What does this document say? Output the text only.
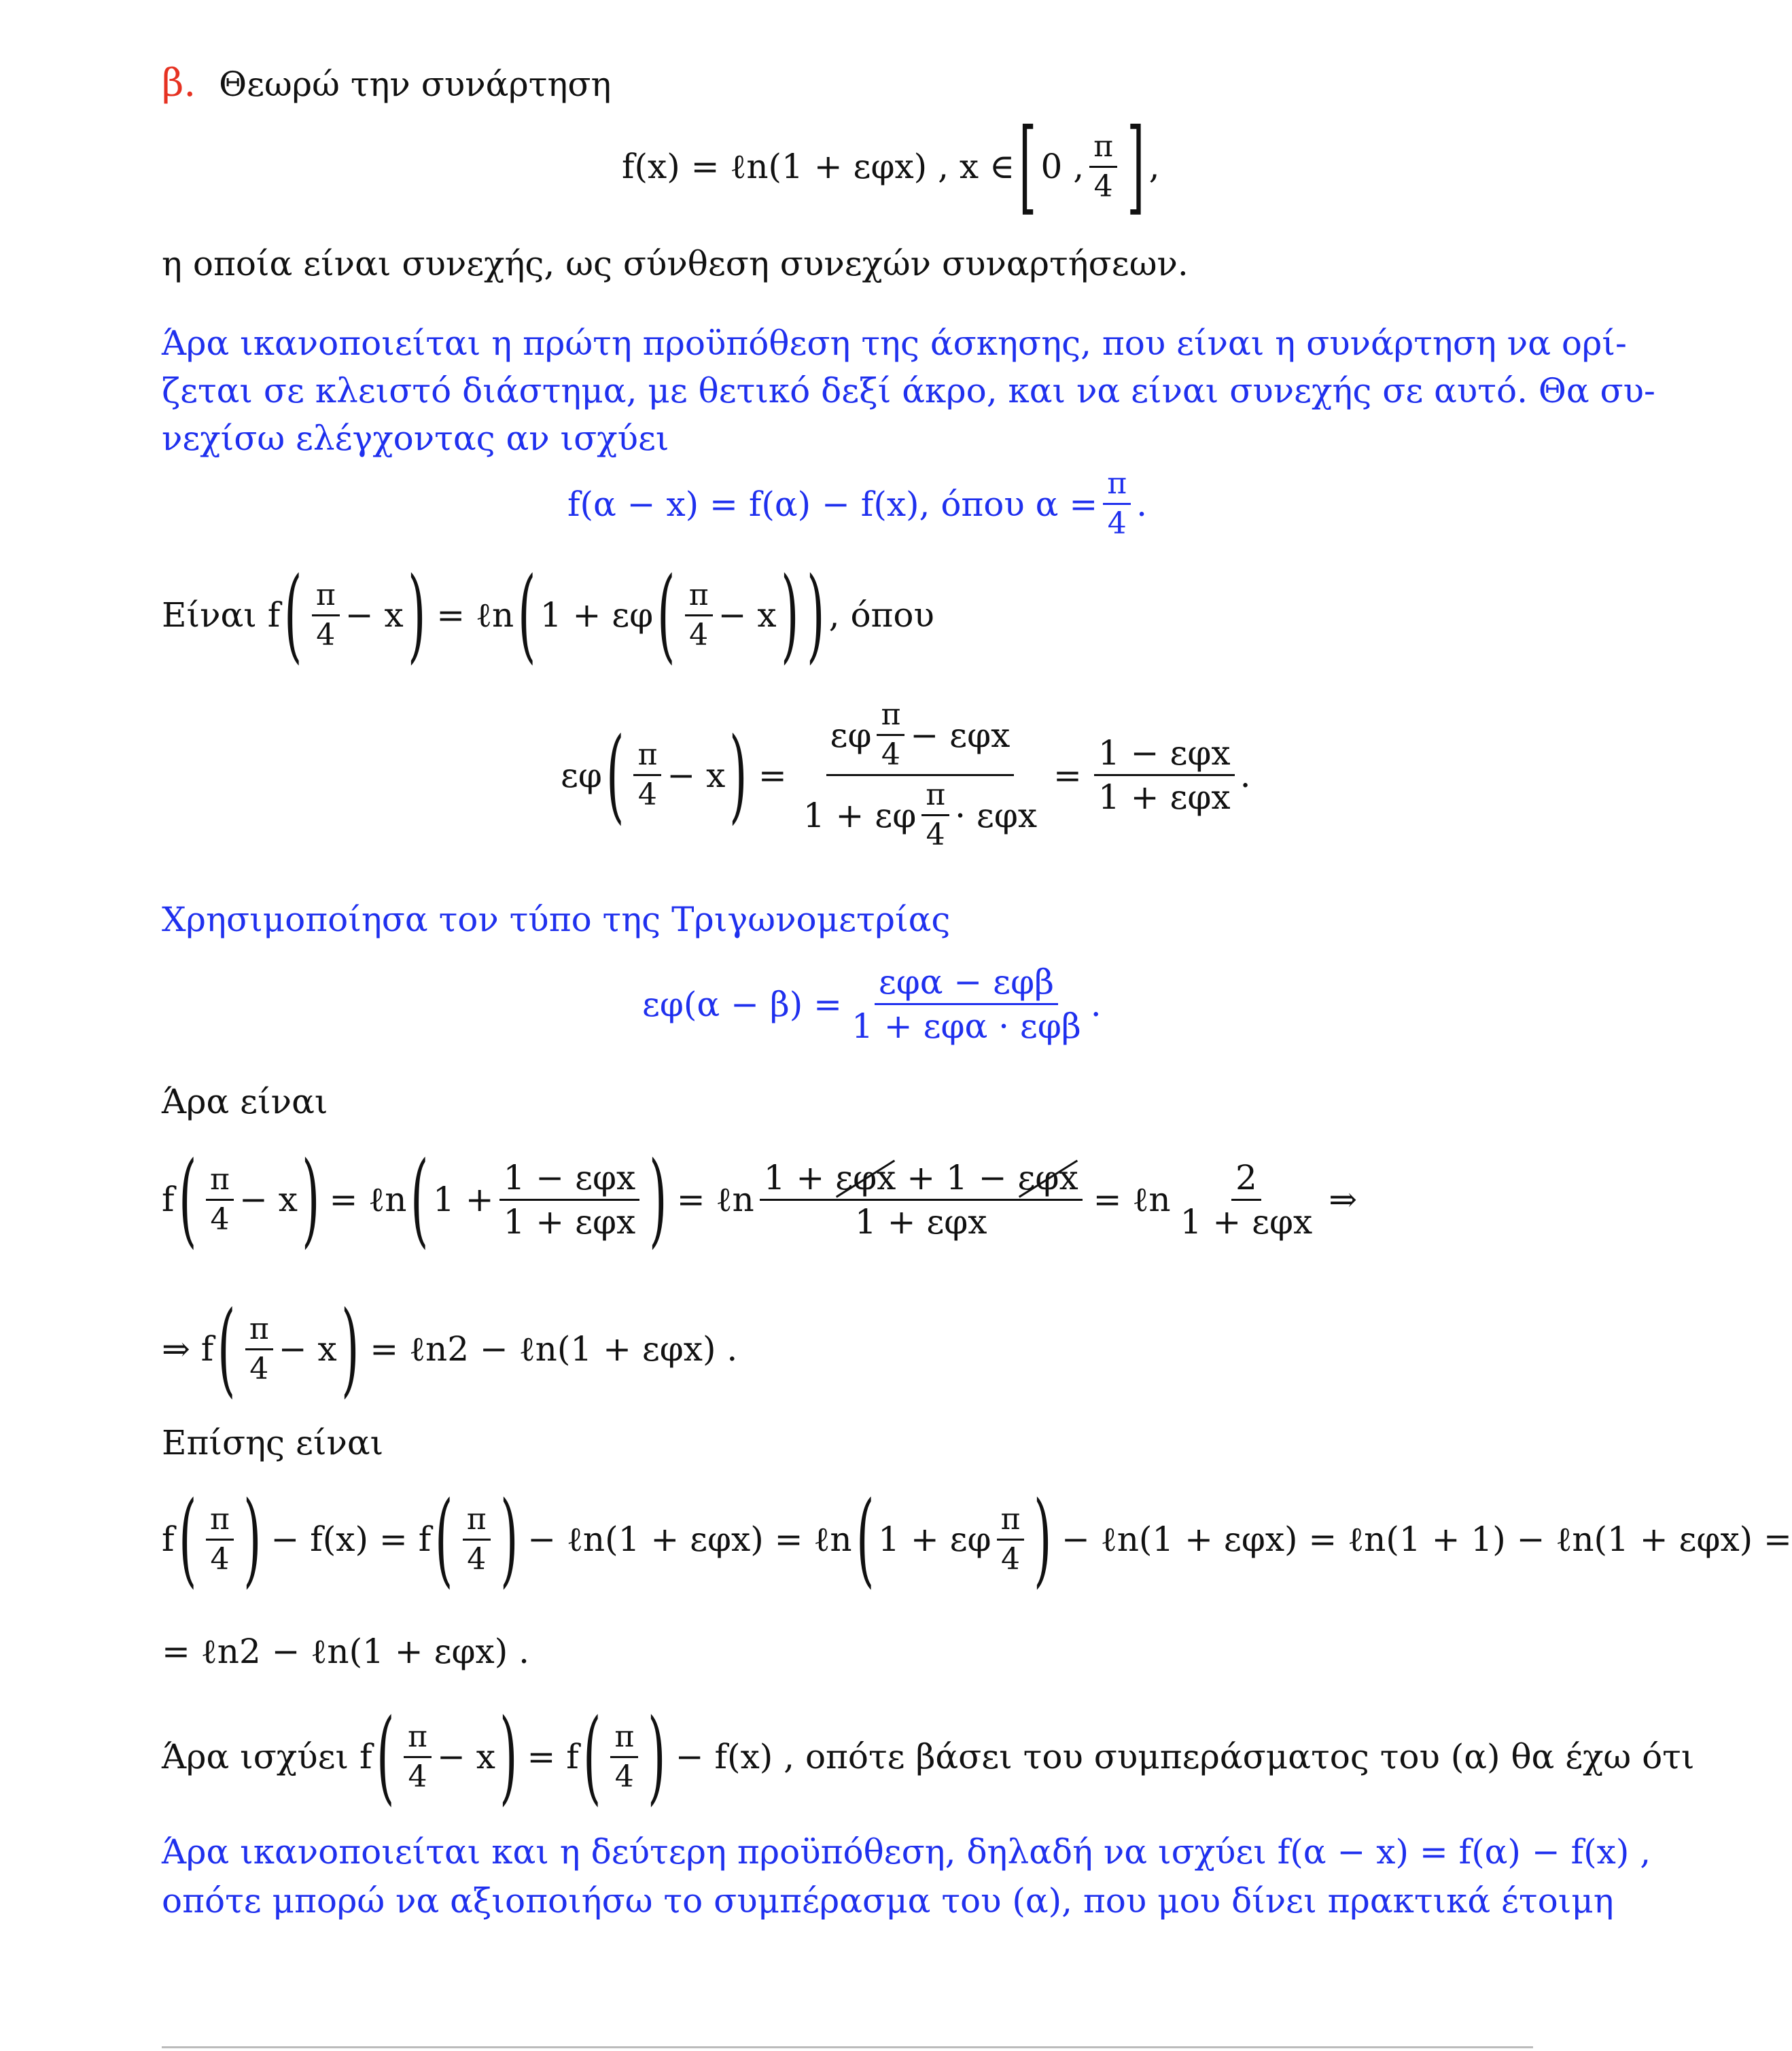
β. Θεωρώ την συνάρτηση
f(x) = ℓn(1 + εφx) , x ∈ [ 0 , $\frac{\pi}{4}$ ] ,
η οποία είναι συνεχής, ως σύνθεση συνεχών συναρτήσεων.
Άρα ικανοποιείται η πρώτη προϋπόθεση της άσκησης, που είναι η συνάρτηση να ορί-
ζεται σε κλειστό διάστημα, με θετικό δεξί άκρο, και να είναι συνεχής σε αυτό. Θα συ-
νεχίσω ελέγχοντας αν ισχύει
f(α − x) = f(α) − f(x), όπου $\alpha = \frac{\pi}{4}$ .
Είναι f ( $\frac{\pi}{4} - x$ ) = ℓn ( 1 + εφ ( $\frac{\pi}{4} - x$ ) ) , όπου
εφ ( $\frac{\pi}{4} - x$ ) = $\frac{\varepsilon\varphi \frac{\pi}{4} - \varepsilon\varphi x}{1 + \varepsilon\varphi \frac{\pi}{4} \cdot \varepsilon\varphi x} = \frac{\text{1 − εφx}}{\text{1 + εφx}}$ .
Χρησιμοποίησα τον τύπο της Τριγωνομετρίας
$\varepsilon\varphi(\alpha - \beta) = \frac{\text{εφα − εφβ}}{\text{1 + εφα · εφβ}}$ .
Άρα είναι
f ( $\frac{\pi}{4} - x$ ) = ℓn ( $1 + \frac{\text{1 − εφx}}{\text{1 + εφx}}$ ) = ℓn 1 +
εφx
+ 1 −
εφx
1 + εφx = ℓn $\frac{2}{\text{1 + εφx}}$ ⇒
⇒ f ( $\frac{\pi}{4} - x$ ) = ℓn2 − ℓn(1 + εφx) .
Επίσης είναι
f ( $\frac{\pi}{4}$ ) − f(x) = f ( $\frac{\pi}{4}$ ) − ℓn(1 + εφx) = ℓn ( 1 + εφ $\frac{\pi}{4}$ ) − ℓn(1 + εφx) = ℓn(1 + 1) − ℓn(1 + εφx) =
= ℓn2 − ℓn(1 + εφx) .
Άρα ισχύει f ( $\frac{\pi}{4} - x$ ) = f ( $\frac{\pi}{4}$ ) − f(x) , οπότε βάσει του συμπεράσματος του (α) θα έχω ότι
Άρα ικανοποιείται και η δεύτερη προϋπόθεση, δηλαδή να ισχύει f(α − x) = f(α) − f(x) ,
οπότε μπορώ να αξιοποιήσω το συμπέρασμα του (α), που μου δίνει πρακτικά έτοιμη
